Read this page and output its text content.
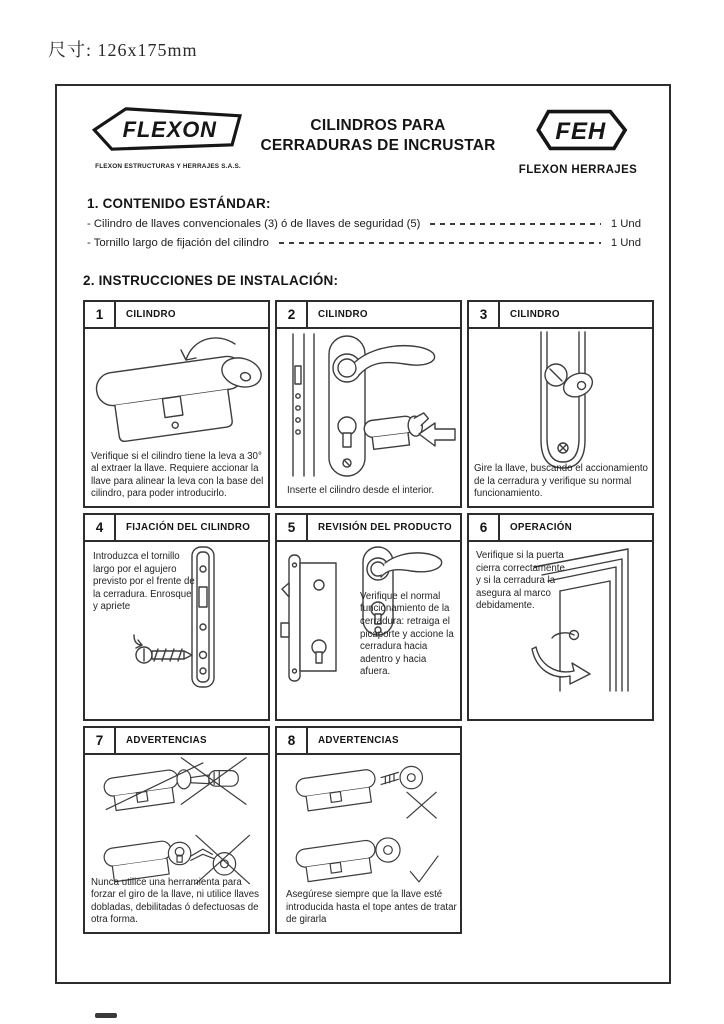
尺寸: 126x175mm
FLEXON
FLEXON ESTRUCTURAS Y HERRAJES S.A.S.
CILINDROS PARA
CERRADURAS DE INCRUSTAR
FEH
FLEXON HERRAJES
1. CONTENIDO ESTÁNDAR:
- Cilindro de llaves convencionales (3) ó de llaves de seguridad (5)	1 Und
- Tornillo largo de fijación del cilindro	1 Und
2. INSTRUCCIONES DE INSTALACIÓN:
1	CILINDRO
Verifique si el cilindro tiene la leva a 30° al extraer la llave. Requiere accionar la llave para alinear la leva con la base del cilindro, para poder introducirlo.
2	CILINDRO
Inserte el cilindro desde el interior.
3	CILINDRO
Gire la llave, buscando el accionamiento de la cerradura y verifique su normal funcionamiento.
4	FIJACIÓN DEL CILINDRO
Introduzca el tornillo largo por el agujero previsto por el frente de la cerradura. Enrosque y apriete
5	REVISIÓN DEL PRODUCTO
Verifique el normal funcionamiento de la cerradura: retraiga el picaporte y accione la cerradura hacia adentro y hacia afuera.
6	OPERACIÓN
Verifique si la puerta cierra correctamente y si la cerradura la asegura al marco debidamente.
7	ADVERTENCIAS
Nunca utilice una herramienta para forzar el giro de la llave, ni utilice llaves dobladas, debilitadas ó defectuosas de otra forma.
8	ADVERTENCIAS
Asegúrese siempre que la llave esté introducida hasta el tope antes de tratar de girarla
